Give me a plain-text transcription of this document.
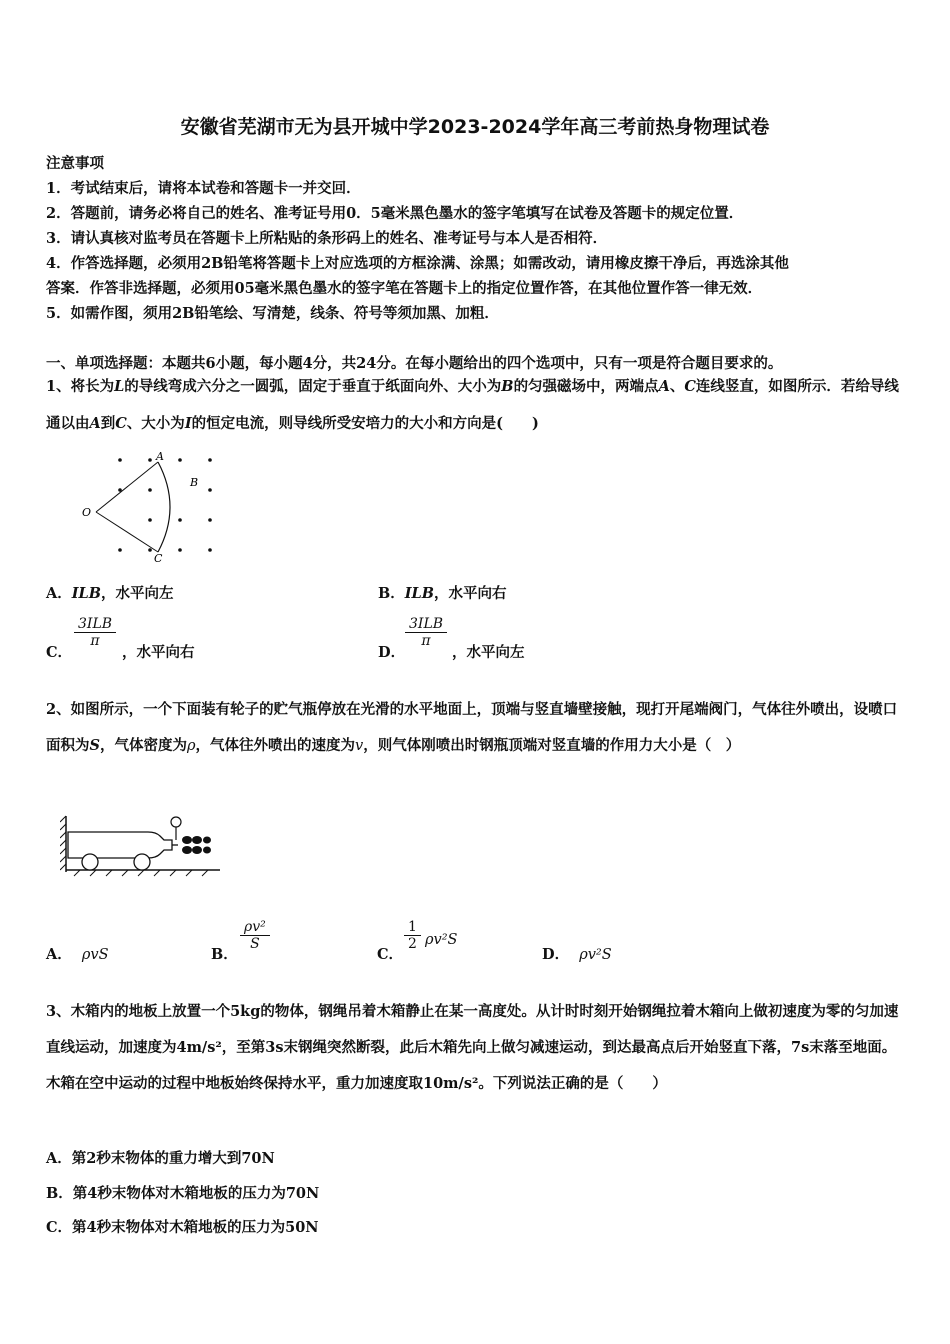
安徽省芜湖市无为县开城中学2023-2024学年高三考前热身物理试卷
注意事项
1．考试结束后，请将本试卷和答题卡一并交回．
2．答题前，请务必将自己的姓名、准考证号用0．5毫米黑色墨水的签字笔填写在试卷及答题卡的规定位置．
3．请认真核对监考员在答题卡上所粘贴的条形码上的姓名、准考证号与本人是否相符．
4．作答选择题，必须用2B铅笔将答题卡上对应选项的方框涂满、涂黑；如需改动，请用橡皮擦干净后，再选涂其他
答案．作答非选择题，必须用05毫米黑色墨水的签字笔在答题卡上的指定位置作答，在其他位置作答一律无效．
5．如需作图，须用2B铅笔绘、写清楚，线条、符号等须加黑、加粗．
一、单项选择题：本题共6小题，每小题4分，共24分。在每小题给出的四个选项中，只有一项是符合题目要求的。
1、将长为L的导线弯成六分之一圆弧，固定于垂直于纸面向外、大小为B的匀强磁场中，两端点A、C连线竖直，如图所示．若给导线通以由A到C、大小为I的恒定电流，则导线所受安培力的大小和方向是(　　)
A
B
C
O
A．ILB，水平向左	B．ILB，水平向右
C．
3ILB
π
，水平向右	D．
3ILB
π
，水平向左
2、如图所示，一个下面装有轮子的贮气瓶停放在光滑的水平地面上，顶端与竖直墙壁接触，现打开尾端阀门，气体往外喷出，设喷口面积为S，气体密度为ρ，气体往外喷出的速度为v，则气体刚喷出时钢瓶顶端对竖直墙的作用力大小是（　）
A． ρvS	B．
$\frac{\text{ρv²}}{S}$
C．
$\frac{1}{2} \rho v^2S$
D． ρv²S
3、木箱内的地板上放置一个5kg的物体，钢绳吊着木箱静止在某一高度处。从计时时刻开始钢绳拉着木箱向上做初速度为零的匀加速直线运动，加速度为4m/s²，至第3s末钢绳突然断裂，此后木箱先向上做匀减速运动，到达最高点后开始竖直下落，7s末落至地面。木箱在空中运动的过程中地板始终保持水平，重力加速度取10m/s²。下列说法正确的是（　　）
A．第2秒末物体的重力增大到70N
B．第4秒末物体对木箱地板的压力为70N
C．第4秒末物体对木箱地板的压力为50N
